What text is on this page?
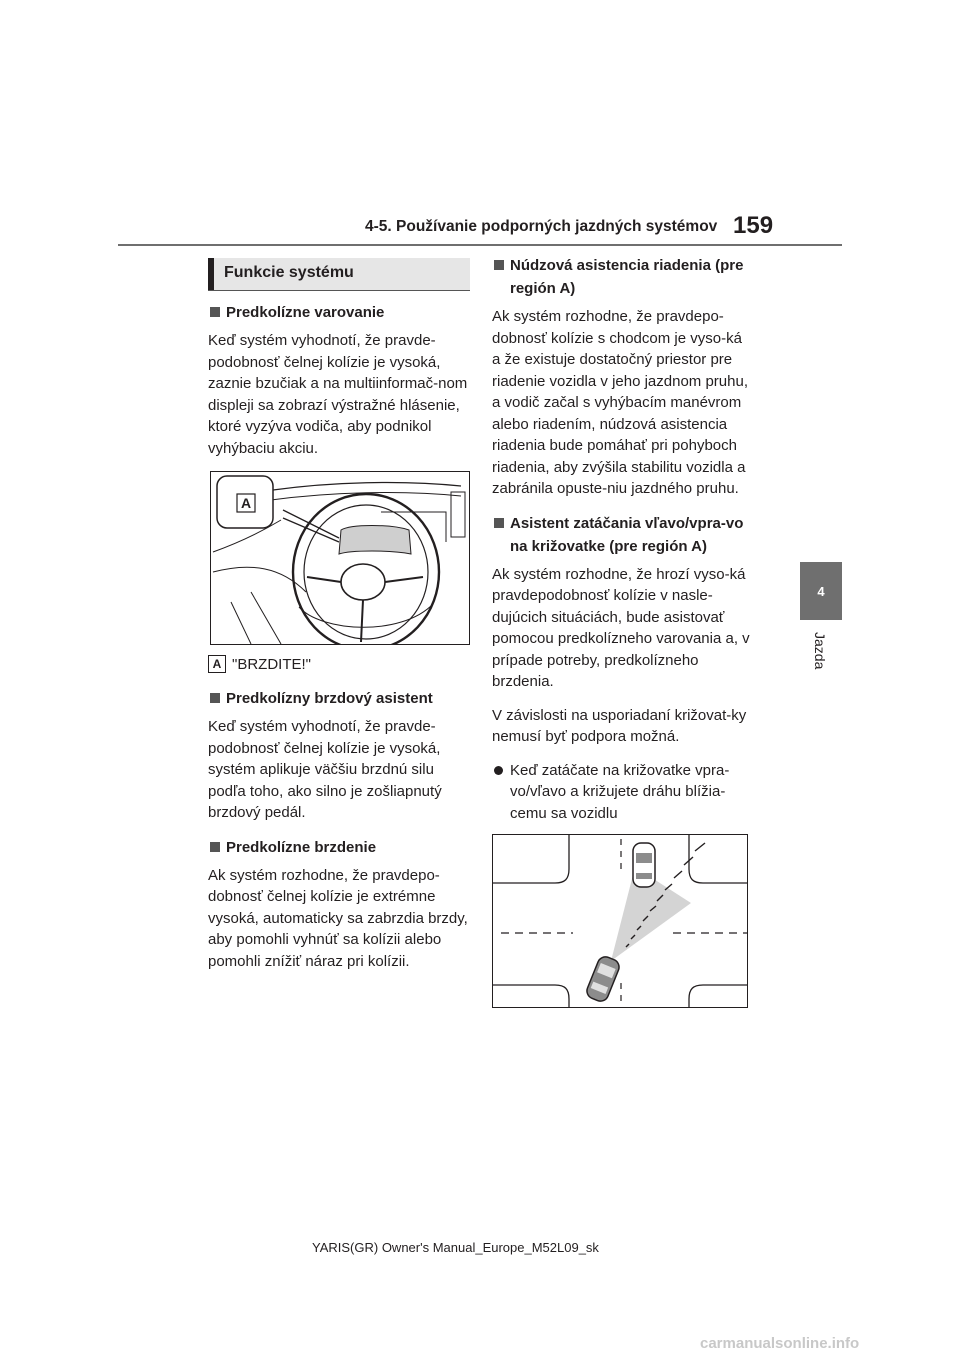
4-5. Používanie podporných jazdných systémov 159
4
Jazda
Funkcie systému
Predkolízne varovanie

Keď systém vyhodnotí, že pravde-podobnosť čelnej kolízie je vysoká, zaznie bzučiak a na multiinformač-nom displeji sa zobrazí výstražné hlásenie, ktoré vyzýva vodiča, aby podnikol vyhýbaciu akciu.

A
A "BRZDITE!"
Predkolízny brzdový asistent

Keď systém vyhodnotí, že pravde-podobnosť čelnej kolízie je vysoká, systém aplikuje väčšiu brzdnú silu podľa toho, ako silno je zošliapnutý brzdový pedál.

Predkolízne brzdenie

Ak systém rozhodne, že pravdepo-dobnosť čelnej kolízie je extrémne vysoká, automaticky sa zabrzdia brzdy, aby pomohli vyhnúť sa kolízii alebo pomohli znížiť náraz pri kolízii.

Núdzová asistencia riadenia (pre región A)

Ak systém rozhodne, že pravdepo-dobnosť kolízie s chodcom je vyso-ká a že existuje dostatočný priestor pre riadenie vozidla v jeho jazdnom pruhu, a vodič začal s vyhýbacím manévrom alebo riadením, núdzová asistencia riadenia bude pomáhať pri pohyboch riadenia, aby zvýšila stabilitu vozidla a zabránila opuste-niu jazdného pruhu.

Asistent zatáčania vľavo/vpra-vo na križovatke (pre región A)

Ak systém rozhodne, že hrozí vyso-ká pravdepodobnosť kolízie v nasle-dujúcich situáciách, bude asistovať pomocou predkolízneho varovania a, v prípade potreby, predkolízneho brzdenia.

V závislosti na usporiadaní križovat-ky nemusí byť podpora možná.

Keď zatáčate na križovatke vpra-vo/vľavo a križujete dráhu blížia-cemu sa vozidlu
YARIS(GR) Owner's Manual_Europe_M52L09_sk
carmanualsonline.info
